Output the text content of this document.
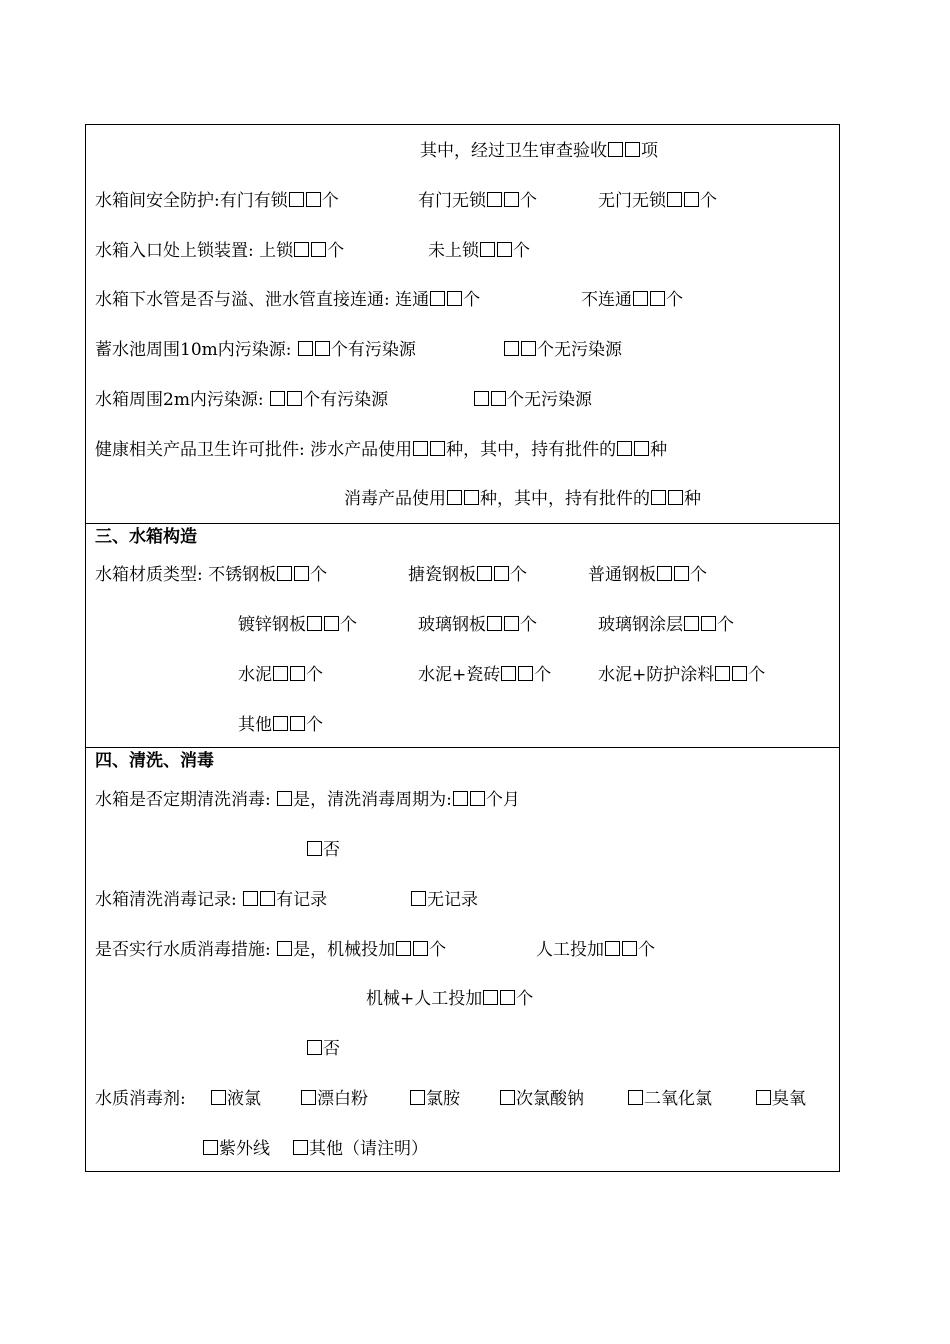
其中，经过卫生审查验收 项
水箱间安全防护:有门有锁 个	有门无锁 个	无门无锁 个
水箱入口处上锁装置: 上锁 个	未上锁 个
水箱下水管是否与溢、泄水管直接连通: 连通 个	不连通 个
蓄水池周围10m内污染源: 个有污染源	个无污染源
水箱周围2m内污染源: 个有污染源	个无污染源
健康相关产品卫生许可批件: 涉水产品使用 种，其中，持有批件的 种
消毒产品使用 种，其中，持有批件的 种
三、水箱构造
水箱材质类型: 不锈钢板 个	搪瓷钢板 个	普通钢板 个
镀锌钢板 个	玻璃钢板 个	玻璃钢涂层 个
水泥 个	水泥+瓷砖 个	水泥+防护涂料 个
其他 个
四、清洗、消毒
水箱是否定期清洗消毒: 是，清洗消毒周期为: 个月
否
水箱清洗消毒记录: 有记录	无记录
是否实行水质消毒措施: 是，机械投加 个	人工投加 个
机械+人工投加 个
否
水质消毒剂:	液氯	漂白粉	氯胺	次氯酸钠	二氧化氯	臭氧
紫外线	其他（请注明）
